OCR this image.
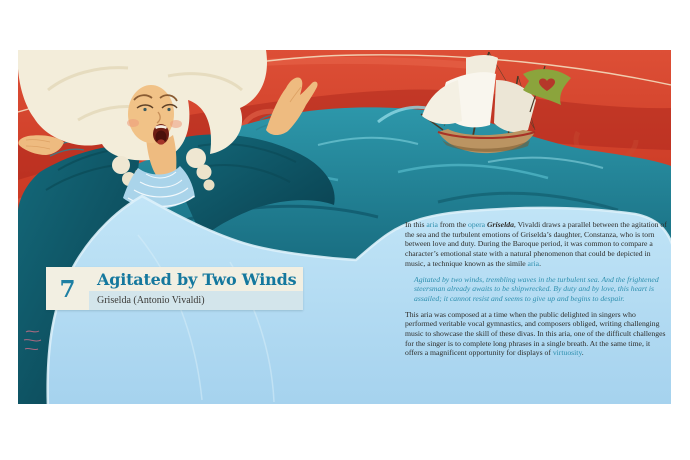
7	Agitated by Two Winds
Griselda (Antonio Vivaldi)

In this aria from the opera Griselda, Vivaldi draws a parallel between the agitation of the sea and the turbulent emotions of Griselda’s daughter, Constanza, who is torn between love and duty. During the Baroque period, it was common to compare a character’s emotional state with a natural phenomenon that could be depicted in music, a technique known as the simile aria.

Agitated by two winds, trembling waves in the turbulent sea. And the frightened steersman already awaits to be shipwrecked. By duty and by love, this heart is assailed; it cannot resist and seems to give up and begins to despair.

This aria was composed at a time when the public delighted in singers who performed veritable vocal gymnastics, and composers obliged, writing challenging music to showcase the skill of these divas. In this aria, one of the difficult challenges for the singer is to complete long phrases in a single breath. At the same time, it offers a magnificent opportunity for displays of virtuosity.
